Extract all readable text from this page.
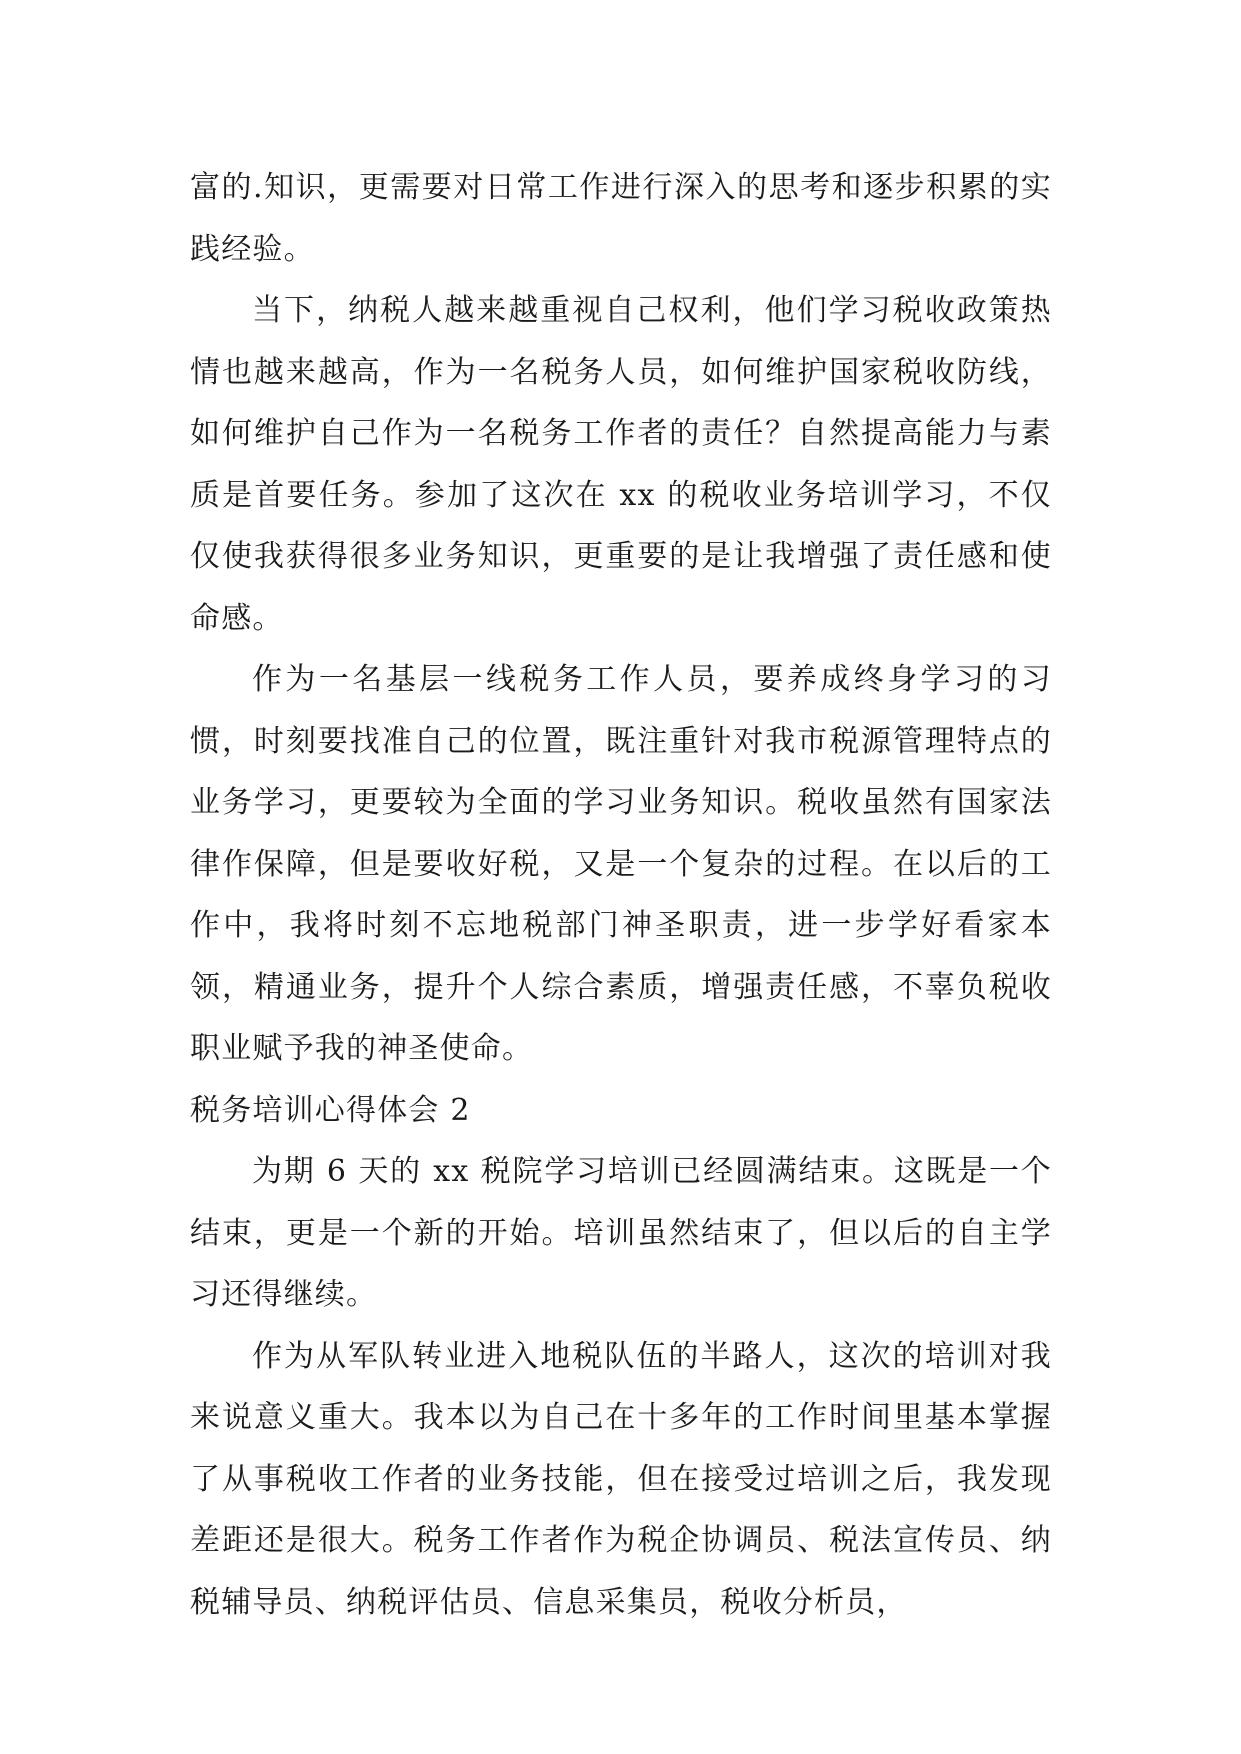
富的.知识，更需要对日常工作进行深入的思考和逐步积累的实践经验。

当下，纳税人越来越重视自己权利，他们学习税收政策热情也越来越高，作为一名税务人员，如何维护国家税收防线，如何维护自己作为一名税务工作者的责任？自然提高能力与素质是首要任务。参加了这次在 xx 的税收业务培训学习，不仅仅使我获得很多业务知识，更重要的是让我增强了责任感和使命感。

作为一名基层一线税务工作人员，要养成终身学习的习惯，时刻要找准自己的位置，既注重针对我市税源管理特点的业务学习，更要较为全面的学习业务知识。税收虽然有国家法律作保障，但是要收好税，又是一个复杂的过程。在以后的工作中，我将时刻不忘地税部门神圣职责，进一步学好看家本领，精通业务，提升个人综合素质，增强责任感，不辜负税收职业赋予我的神圣使命。

税务培训心得体会 2

为期 6 天的 xx 税院学习培训已经圆满结束。这既是一个结束，更是一个新的开始。培训虽然结束了，但以后的自主学习还得继续。

作为从军队转业进入地税队伍的半路人，这次的培训对我来说意义重大。我本以为自己在十多年的工作时间里基本掌握了从事税收工作者的业务技能，但在接受过培训之后，我发现差距还是很大。税务工作者作为税企协调员、税法宣传员、纳税辅导员、纳税评估员、信息采集员，税收分析员，
